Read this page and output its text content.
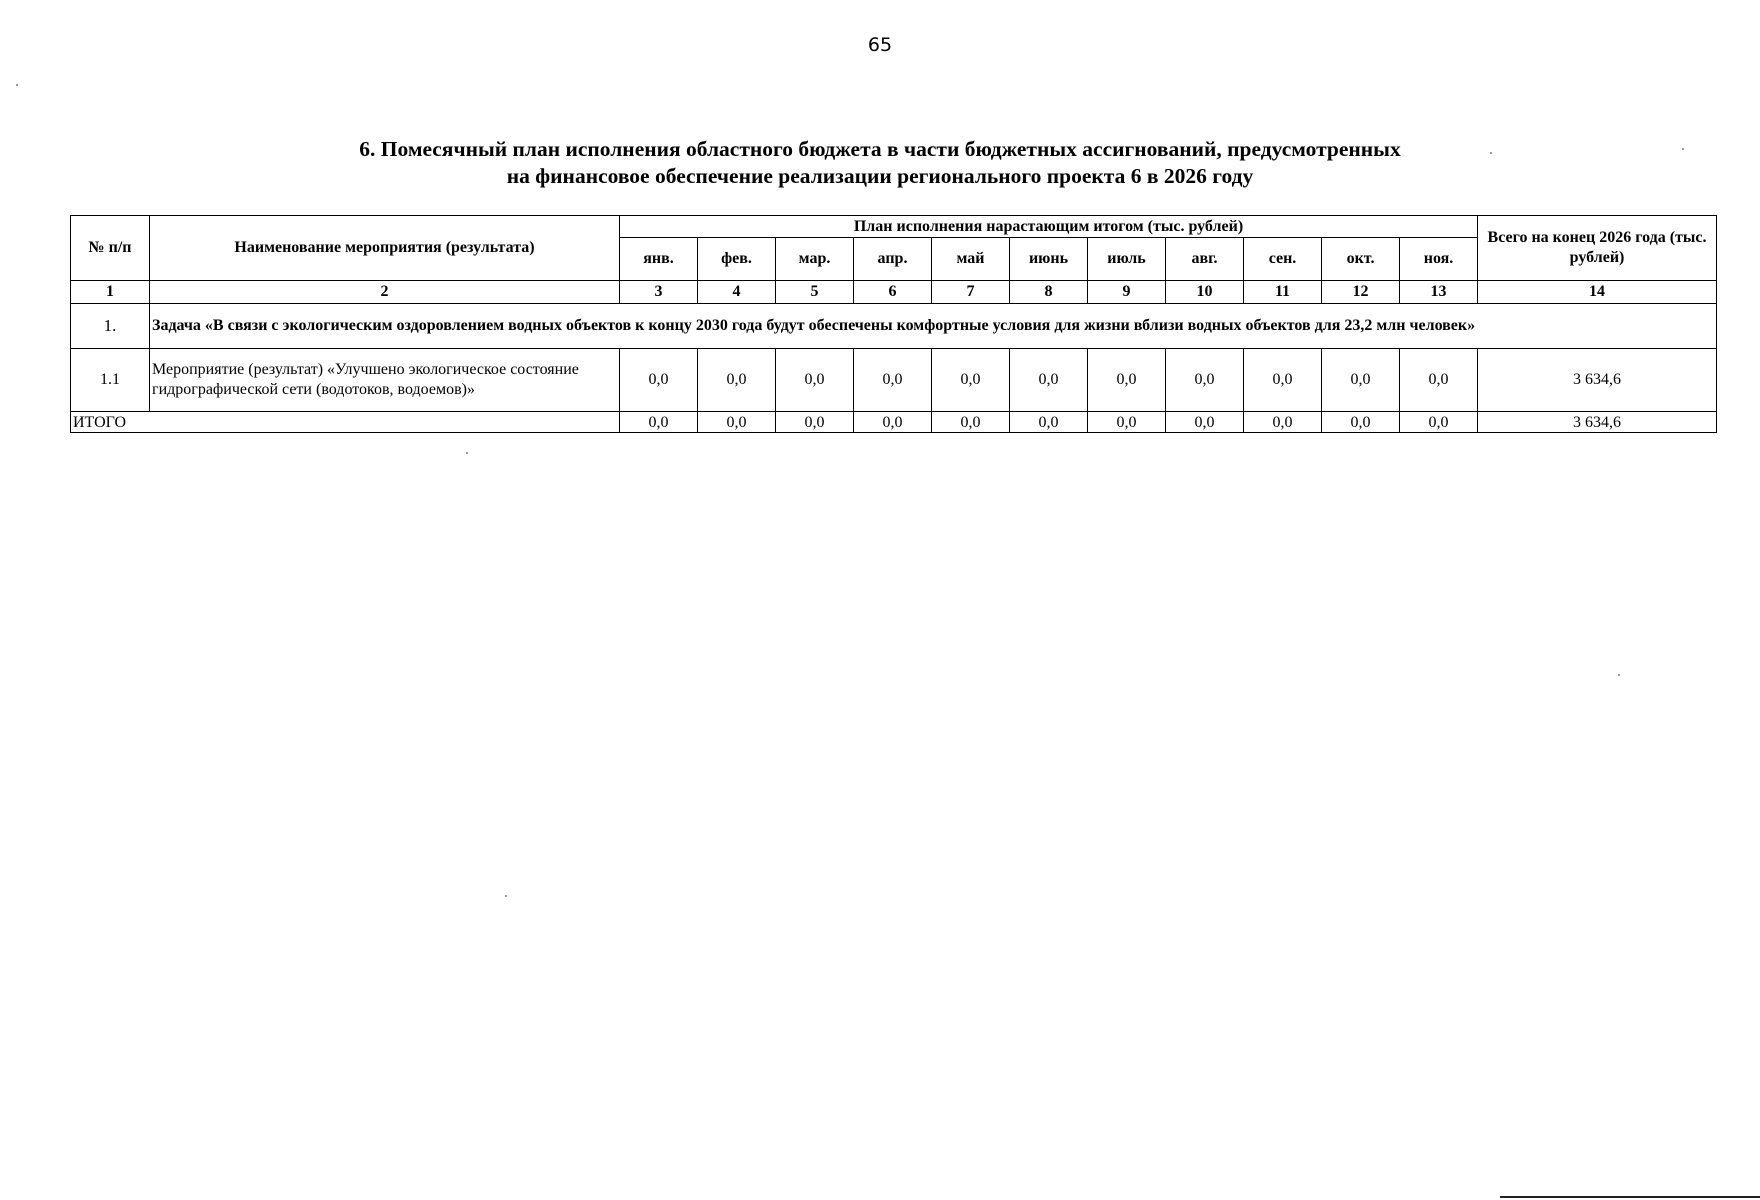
65
6. Помесячный план исполнения областного бюджета в части бюджетных ассигнований, предусмотренных
на финансовое обеспечение реализации регионального проекта 6 в 2026 году
№ п/п	Наименование мероприятия (результата)	План исполнения нарастающим итогом (тыс. рублей)											Всего на конец 2026 года (тыс. рублей)
		янв.	фев.	мар.	апр.	май	июнь	июль	авг.	сен.	окт.	ноя.	
1	2	3	4	5	6	7	8	9	10	11	12	13	14
1.	Задача «В связи с экологическим оздоровлением водных объектов к концу 2030 года будут обеспечены комфортные условия для жизни вблизи водных объектов для 23,2 млн человек»												
1.1	Мероприятие (результат) «Улучшено экологическое состояние гидрографической сети (водотоков, водоемов)»	0,0	0,0	0,0	0,0	0,0	0,0	0,0	0,0	0,0	0,0	0,0	3 634,6
ИТОГО		0,0	0,0	0,0	0,0	0,0	0,0	0,0	0,0	0,0	0,0	0,0	3 634,6
